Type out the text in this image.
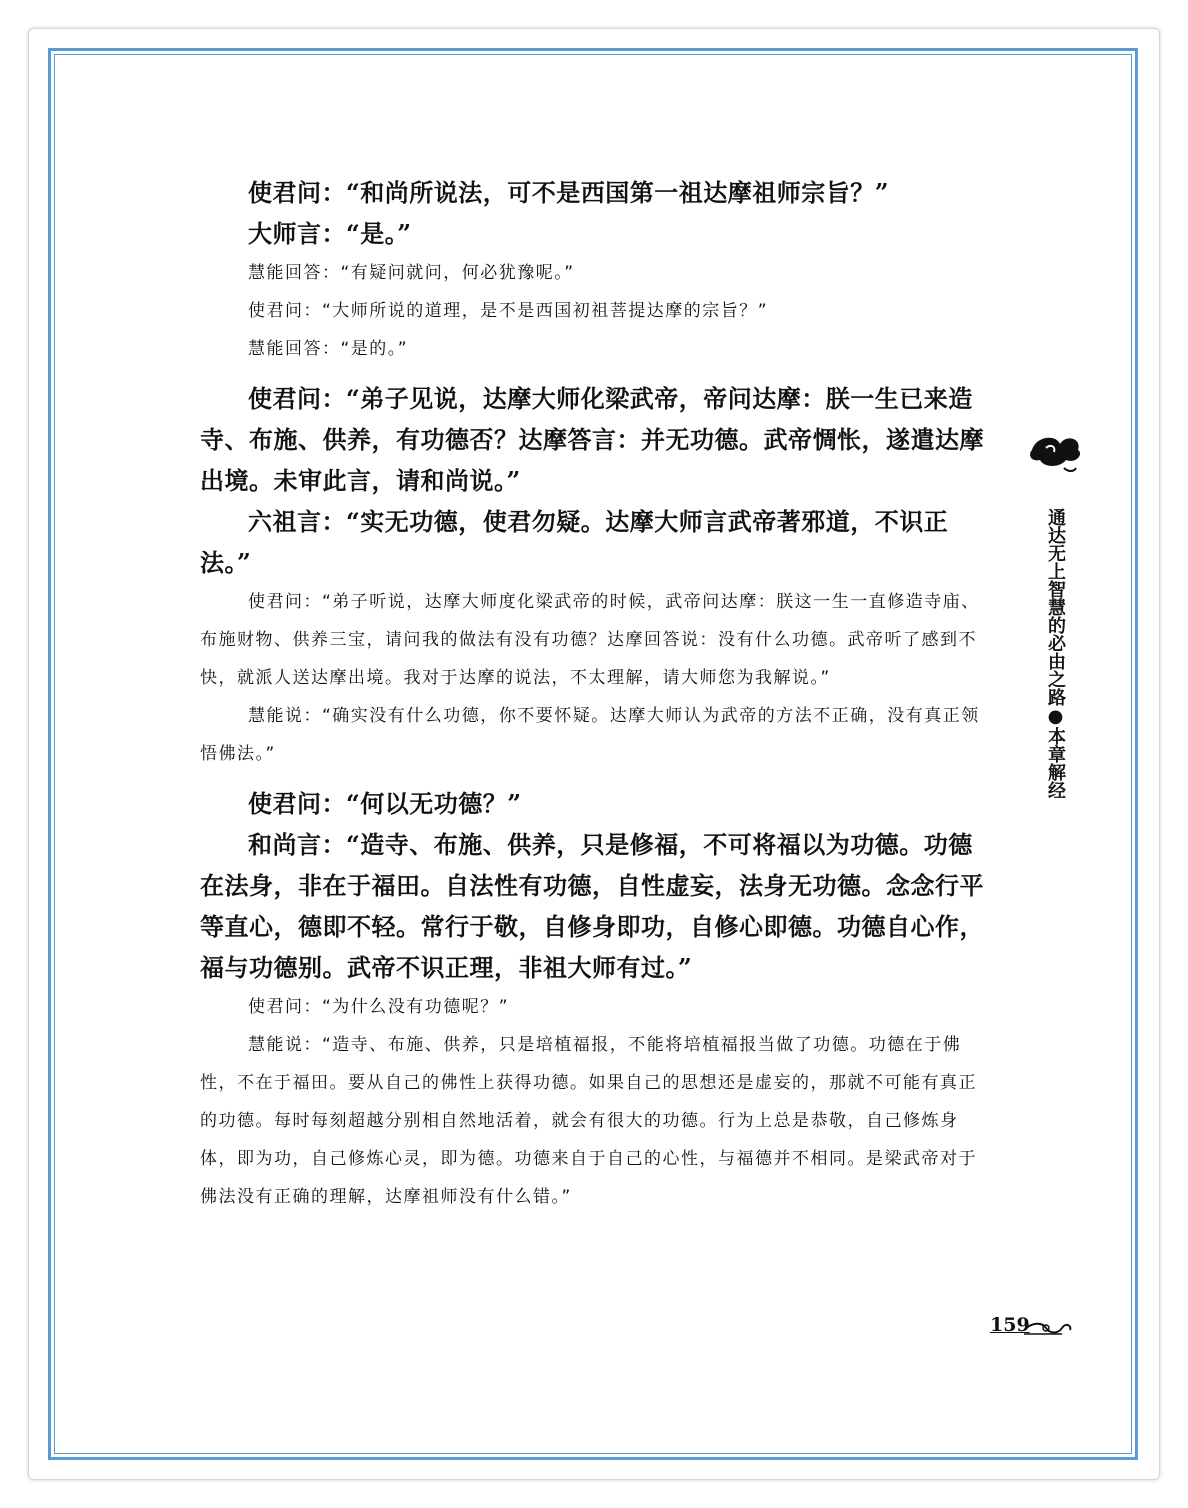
使君问：“和尚所说法，可不是西国第一祖达摩祖师宗旨？”

大师言：“是。”

慧能回答：“有疑问就问，何必犹豫呢。”

使君问：“大师所说的道理，是不是西国初祖菩提达摩的宗旨？”

慧能回答：“是的。”

使君问：“弟子见说，达摩大师化梁武帝，帝问达摩：朕一生已来造寺、布施、供养，有功德否？达摩答言：并无功德。武帝惆怅，遂遣达摩出境。未审此言，请和尚说。”

六祖言：“实无功德，使君勿疑。达摩大师言武帝著邪道，不识正法。”

使君问：“弟子听说，达摩大师度化梁武帝的时候，武帝问达摩：朕这一生一直修造寺庙、布施财物、供养三宝，请问我的做法有没有功德？达摩回答说：没有什么功德。武帝听了感到不快，就派人送达摩出境。我对于达摩的说法，不太理解，请大师您为我解说。”

慧能说：“确实没有什么功德，你不要怀疑。达摩大师认为武帝的方法不正确，没有真正领悟佛法。”

使君问：“何以无功德？”

和尚言：“造寺、布施、供养，只是修福，不可将福以为功德。功德在法身，非在于福田。自法性有功德，自性虚妄，法身无功德。念念行平等直心，德即不轻。常行于敬，自修身即功，自修心即德。功德自心作，福与功德别。武帝不识正理，非祖大师有过。”

使君问：“为什么没有功德呢？”

慧能说：“造寺、布施、供养，只是培植福报，不能将培植福报当做了功德。功德在于佛性，不在于福田。要从自己的佛性上获得功德。如果自己的思想还是虚妄的，那就不可能有真正的功德。每时每刻超越分别相自然地活着，就会有很大的功德。行为上总是恭敬，自己修炼身体，即为功，自己修炼心灵，即为德。功德来自于自己的心性，与福德并不相同。是梁武帝对于佛法没有正确的理解，达摩祖师没有什么错。”

通达无上智慧的必由之路●本章解经
159
